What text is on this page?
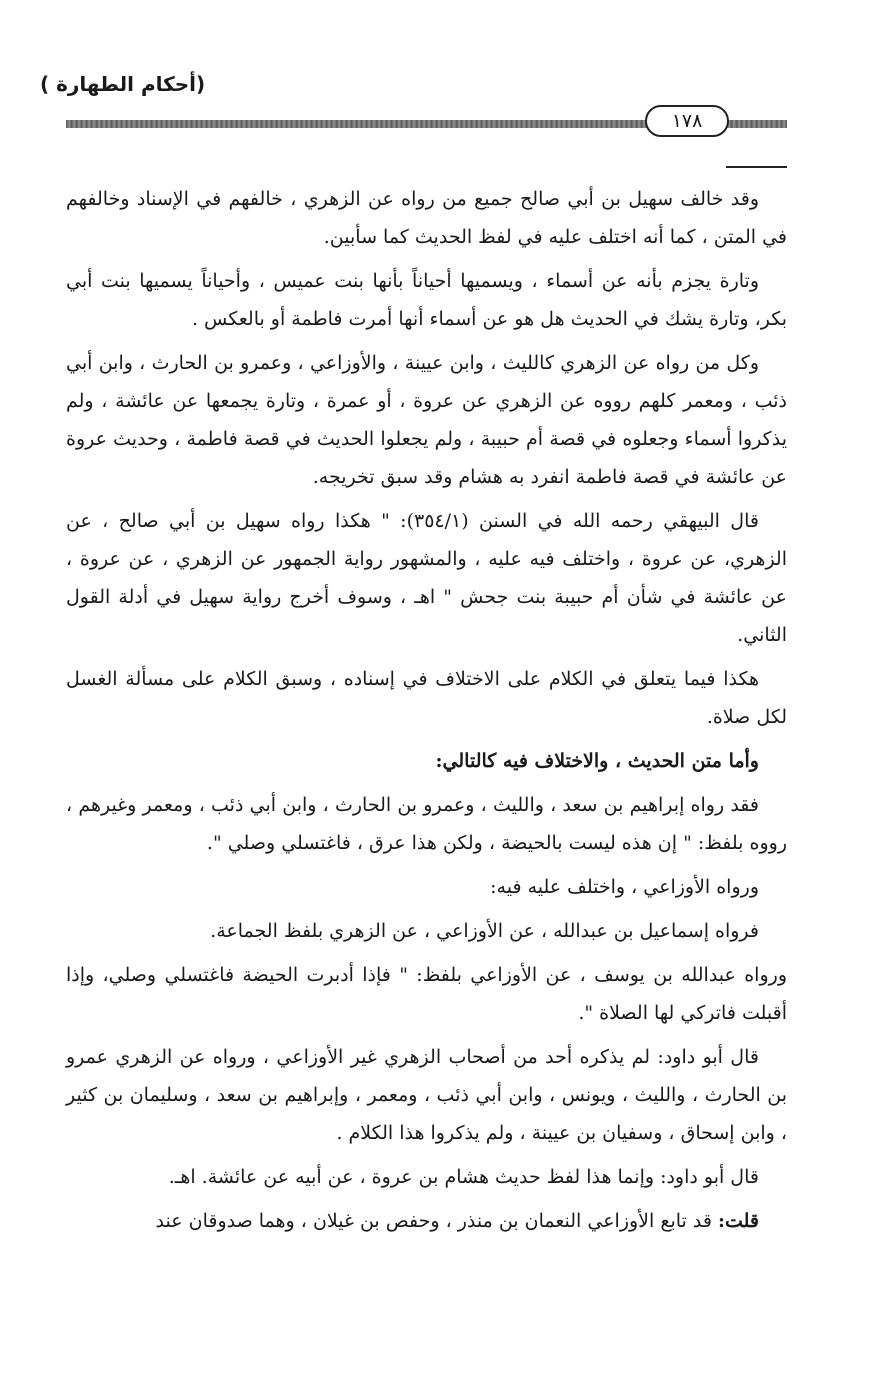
(أحكام الطهارة )
١٧٨

وقد خالف سهيل بن أبي صالح جميع من رواه عن الزهري ، خالفهم في الإسناد وخالفهم في المتن ، كما أنه اختلف عليه في لفظ الحديث كما سأبين.

وتارة يجزم بأنه عن أسماء ، ويسميها أحياناً بأنها بنت عميس ، وأحياناً يسميها بنت أبي بكر، وتارة يشك في الحديث هل هو عن أسماء أنها أمرت فاطمة أو بالعكس .

وكل من رواه عن الزهري كالليث ، وابن عيينة ، والأوزاعي ، وعمرو بن الحارث ، وابن أبي ذئب ، ومعمر كلهم رووه عن الزهري عن عروة ، أو عمرة ، وتارة يجمعها عن عائشة ، ولم يذكروا أسماء وجعلوه في قصة أم حبيبة ، ولم يجعلوا الحديث في قصة فاطمة ، وحديث عروة عن عائشة في قصة فاطمة انفرد به هشام وقد سبق تخريجه.

قال البيهقي رحمه الله في السنن (٣٥٤/١): " هكذا رواه سهيل بن أبي صالح ، عن الزهري، عن عروة ، واختلف فيه عليه ، والمشهور رواية الجمهور عن الزهري ، عن عروة ، عن عائشة في شأن أم حبيبة بنت جحش " اهـ ، وسوف أخرج رواية سهيل في أدلة القول الثاني.

هكذا فيما يتعلق في الكلام على الاختلاف في إسناده ، وسبق الكلام على مسألة الغسل لكل صلاة.

وأما متن الحديث ، والاختلاف فيه كالتالي:

فقد رواه إبراهيم بن سعد ، والليث ، وعمرو بن الحارث ، وابن أبي ذئب ، ومعمر وغيرهم ، رووه بلفظ: " إن هذه ليست بالحيضة ، ولكن هذا عرق ، فاغتسلي وصلي ".

ورواه الأوزاعي ، واختلف عليه فيه:

فرواه إسماعيل بن عبدالله ، عن الأوزاعي ، عن الزهري بلفظ الجماعة.

ورواه عبدالله بن يوسف ، عن الأوزاعي بلفظ: " فإذا أدبرت الحيضة فاغتسلي وصلي، وإذا أقبلت فاتركي لها الصلاة ".

قال أبو داود: لم يذكره أحد من أصحاب الزهري غير الأوزاعي ، ورواه عن الزهري عمرو بن الحارث ، والليث ، ويونس ، وابن أبي ذئب ، ومعمر ، وإبراهيم بن سعد ، وسليمان بن كثير ، وابن إسحاق ، وسفيان بن عيينة ، ولم يذكروا هذا الكلام .

قال أبو داود: وإنما هذا لفظ حديث هشام بن عروة ، عن أبيه عن عائشة. اهـ.

قلت: قد تابع الأوزاعي النعمان بن منذر ، وحفص بن غيلان ، وهما صدوقان عند
